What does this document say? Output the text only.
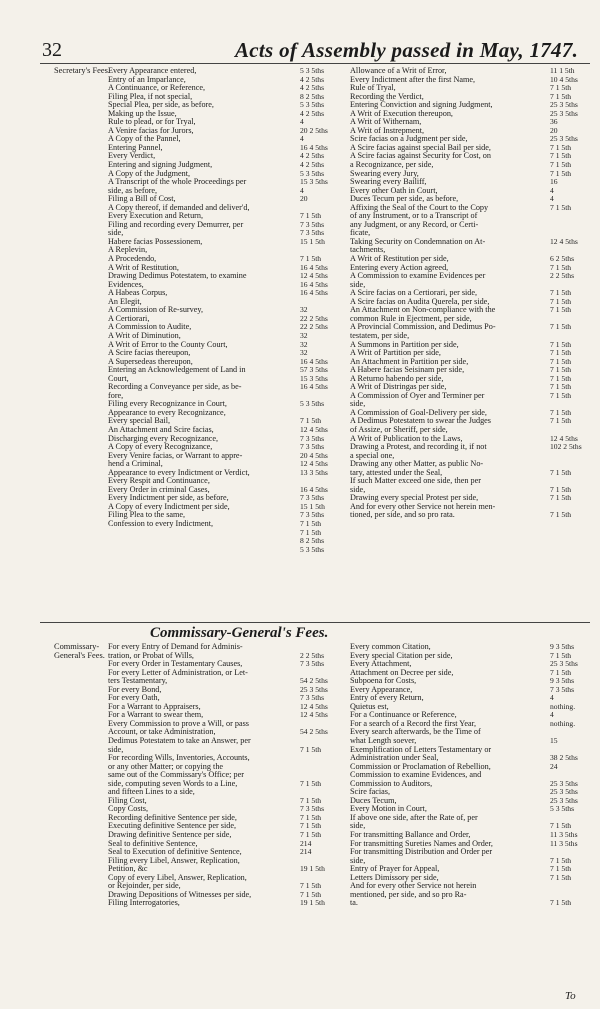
32	Acts of Assembly passed in May, 1747.
Secretary's Fees.
Every Appearance entered,	5 3 5ths
Entry of an Imparlance,	4 2 5ths
A Continuance, or Reference,	4 2 5ths
Filing Plea, if not special,	8 2 5ths
Special Plea, per side, as before,	5 3 5ths
Making up the Issue,	4 2 5ths
Rule to plead, or for Tryal,	4
A Venire facias for Jurors,	20 2 5ths
A Copy of the Pannel,	4
Entering Pannel,	16 4 5ths
Every Verdict,	4 2 5ths
Entering and signing Judgment,	4 2 5ths
A Copy of the Judgment,	5 3 5ths
A Transcript of the whole Proceedings per	15 3 5ths
side, as before,	4
Filing a Bill of Cost,	20
A Copy thereof, if demanded and deliver'd,
Every Execution and Return,	7 1 5th
Filing and recording every Demurrer, per	7 3 5ths
side,	7 3 5ths
Habere facias Possessionem,	15 1 5th
A Replevin,
A Procedendo,	7 1 5th
A Writ of Restitution,	16 4 5ths
Drawing Dedimus Potestatem, to examine	12 4 5ths
Evidences,	16 4 5ths
A Habeas Corpus,	16 4 5ths
An Elegit,
A Commission of Re-survey,	32
A Certiorari,	22 2 5ths
A Commission to Audite,	22 2 5ths
A Writ of Diminution,	32
A Writ of Error to the County Court,	32
A Scire facias thereupon,	32
A Supersedeas thereupon,	16 4 5ths
Entering an Acknowledgement of Land in	57 3 5ths
Court,	15 3 5ths
Recording a Conveyance per side, as be-	16 4 5ths
fore,
Filing every Recognizance in Court,	5 3 5ths
Appearance to every Recognizance,
Every special Bail,	7 1 5th
An Attachment and Scire facias,	12 4 5ths
Discharging every Recognizance,	7 3 5ths
A Copy of every Recognizance,	7 3 5ths
Every Venire facias, or Warrant to appre-	20 4 5ths
hend a Criminal,	12 4 5ths
Appearance to every Indictment or Verdict,	13 3 5ths
Every Respit and Continuance,
Every Order in criminal Cases,	16 4 5ths
Every Indictment per side, as before,	7 3 5ths
A Copy of every Indictment per side,	15 1 5th
Filing Plea to the same,	7 3 5ths
Confession to every Indictment,	7 1 5th

7 1 5th

8 2 5ths

5 3 5ths
Allowance of a Writ of Error,	11 1 5th
Every Indictment after the first Name,	10 4 5ths
Rule of Tryal,	7 1 5th
Recording the Verdict,	7 1 5th
Entering Conviction and signing Judgment,	25 3 5ths
A Writ of Execution thereupon,	25 3 5ths
A Writ of Withernam,	36
A Writ of Instrepment,	20
Scire facias on a Judgment per side,	25 3 5ths
A Scire facias against special Bail per side,	7 1 5th
A Scire facias against Security for Cost, on	7 1 5th
a Recognizance, per side,	7 1 5th
Swearing every Jury,	7 1 5th
Swearing every Bailiff,	16
Every other Oath in Court,	4
Duces Tecum per side, as before,	4
Affixing the Seal of the Court to the Copy	7 1 5th
of any Instrument, or to a Transcript of
any Judgment, or any Record, or Certi-
ficate,
Taking Security on Condemnation on At-	12 4 5ths
tachments,
A Writ of Restitution per side,	6 2 5ths
Entering every Action agreed,	7 1 5th
A Commission to examine Evidences per	2 2 5ths
side,
A Scire facias on a Certiorari, per side,	7 1 5th
A Scire facias on Audita Querela, per side,	7 1 5th
An Attachment on Non-compliance with the	7 1 5th
common Rule in Ejectment, per side,
A Provincial Commission, and Dedimus Po-	7 1 5th
testatem, per side,
A Summons in Partition per side,	7 1 5th
A Writ of Partition per side,	7 1 5th
An Attachment in Partition per side,	7 1 5th
A Habere facias Seisinam per side,	7 1 5th
A Returno habendo per side,	7 1 5th
A Writ of Distringas per side,	7 1 5th
A Commission of Oyer and Terminer per	7 1 5th
side,
A Commission of Goal-Delivery per side,	7 1 5th
A Dedimus Potestatem to swear the Judges	7 1 5th
of Assize, or Sheriff, per side,
A Writ of Publication to the Laws,	12 4 5ths
Drawing a Protest, and recording it, if not	102 2 5ths
a special one,
Drawing any other Matter, as public No-
tary, attested under the Seal,	7 1 5th
If such Matter exceed one side, then per
side,	7 1 5th
Drawing every special Protest per side,	7 1 5th
And for every other Service not herein men-
tioned, per side, and so pro rata.	7 1 5th
Commissary-General's Fees.
Commissary-General's Fees.
For every Entry of Demand for Adminis-
tration, or Probat of Wills,	2 2 5ths
For every Order in Testamentary Causes,	7 3 5ths
For every Letter of Administration, or Let-
ters Testamentary,	54 2 5ths
For every Bond,	25 3 5ths
For every Oath,	7 3 5ths
For a Warrant to Appraisers,	12 4 5ths
For a Warrant to swear them,	12 4 5ths
Every Commission to prove a Will, or pass
Account, or take Administration,	54 2 5ths
Dedimus Potestatem to take an Answer, per
side,	7 1 5th
For recording Wills, Inventories, Accounts,
or any other Matter; or copying the
same out of the Commissary's Office; per
side, computing seven Words to a Line,	7 1 5th
and fifteen Lines to a side,
Filing Cost,	7 1 5th
Copy Costs,	7 3 5ths
Recording definitive Sentence per side,	7 1 5th
Executing definitive Sentence per side,	7 1 5th
Drawing definitive Sentence per side,	7 1 5th
Seal to definitive Sentence,	214
Seal to Execution of definitive Sentence,	214
Filing every Libel, Answer, Replication,
Petition, &c	19 1 5th
Copy of every Libel, Answer, Replication,
or Rejoinder, per side,	7 1 5th
Drawing Depositions of Witnesses per side,	7 1 5th
Filing Interrogatories,	19 1 5th
Every common Citation,	9 3 5ths
Every special Citation per side,	7 1 5th
Every Attachment,	25 3 5ths
Attachment on Decree per side,	7 1 5th
Subpoena for Costs,	9 3 5ths
Every Appearance,	7 3 5ths
Entry of every Return,	4
Quietus est,	nothing.
For a Continuance or Reference,	4
For a search of a Record the first Year,	nothing.
Every search afterwards, be the Time of
what Length soever,	15
Exemplification of Letters Testamentary or
Administration under Seal,	38 2 5ths
Commission or Proclamation of Rebellion,	24
Commission to examine Evidences, and
Commission to Auditors,	25 3 5ths
Scire facias,	25 3 5ths
Duces Tecum,	25 3 5ths
Every Motion in Court,	5 3 5ths
If above one side, after the Rate of, per
side,	7 1 5th
For transmitting Ballance and Order,	11 3 5ths
For transmitting Sureties Names and Order,	11 3 5ths
For transmitting Distribution and Order per
side,	7 1 5th
Entry of Prayer for Appeal,	7 1 5th
Letters Dimissory per side,	7 1 5th
And for every other Service not herein
mentioned, per side, and so pro Ra-
ta.	7 1 5th
To
